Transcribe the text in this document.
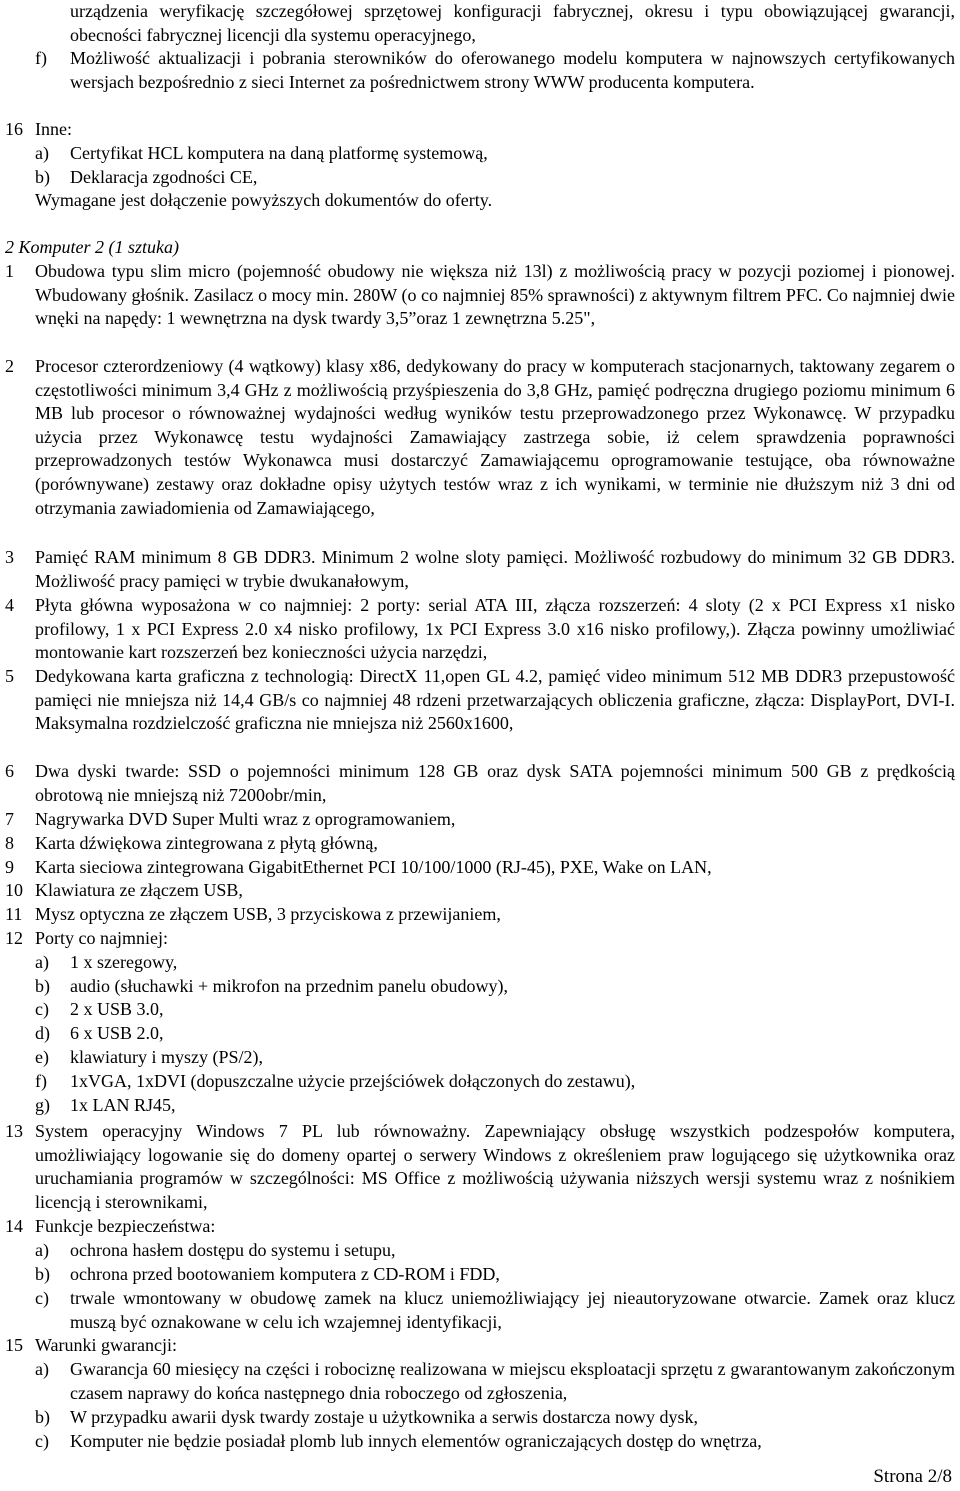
urządzenia weryfikację szczegółowej sprzętowej konfiguracji fabrycznej, okresu i typu obowiązującej gwarancji, obecności fabrycznej licencji dla systemu operacyjnego,
f) Możliwość aktualizacji i pobrania sterowników do oferowanego modelu komputera w najnowszych certyfikowanych wersjach bezpośrednio z sieci Internet za pośrednictwem strony WWW producenta komputera.
16 Inne:
a) Certyfikat HCL komputera na daną platformę systemową,
b) Deklaracja zgodności CE,
Wymagane jest dołączenie powyższych dokumentów do oferty.
2 Komputer 2 (1 sztuka)
1 Obudowa typu slim micro (pojemność obudowy nie większa niż 13l) z możliwością pracy w pozycji poziomej i pionowej. Wbudowany głośnik. Zasilacz o mocy min. 280W (o co najmniej 85% sprawności) z aktywnym filtrem PFC. Co najmniej dwie wnęki na napędy: 1 wewnętrzna na dysk twardy 3,5”oraz 1 zewnętrzna 5.25",
2 Procesor czterordzeniowy (4 wątkowy) klasy x86, dedykowany do pracy w komputerach stacjonarnych, taktowany zegarem o częstotliwości minimum 3,4 GHz z możliwością przyśpieszenia do 3,8 GHz, pamięć podręczna drugiego poziomu minimum 6 MB lub procesor o równoważnej wydajności według wyników testu przeprowadzonego przez Wykonawcę. W przypadku użycia przez Wykonawcę testu wydajności Zamawiający zastrzega sobie, iż celem sprawdzenia poprawności przeprowadzonych testów Wykonawca musi dostarczyć Zamawiającemu oprogramowanie testujące, oba równoważne (porównywane) zestawy oraz dokładne opisy użytych testów wraz z ich wynikami, w terminie nie dłuższym niż 3 dni od otrzymania zawiadomienia od Zamawiającego,
3 Pamięć RAM minimum 8 GB DDR3. Minimum 2 wolne sloty pamięci. Możliwość rozbudowy do minimum 32 GB DDR3. Możliwość pracy pamięci w trybie dwukanałowym,
4 Płyta główna wyposażona w co najmniej: 2 porty: serial ATA III, złącza rozszerzeń: 4 sloty (2 x PCI Express x1 nisko profilowy, 1 x PCI Express 2.0 x4 nisko profilowy, 1x PCI Express 3.0 x16 nisko profilowy,). Złącza powinny umożliwiać montowanie kart rozszerzeń bez konieczności użycia narzędzi,
5 Dedykowana karta graficzna z technologią: DirectX 11,open GL 4.2, pamięć video minimum 512 MB DDR3 przepustowość pamięci nie mniejsza niż 14,4 GB/s co najmniej 48 rdzeni przetwarzających obliczenia graficzne, złącza: DisplayPort, DVI-I. Maksymalna rozdzielczość graficzna nie mniejsza niż 2560x1600,
6 Dwa dyski twarde: SSD o pojemności minimum 128 GB oraz dysk SATA pojemności minimum 500 GB z prędkością obrotową nie mniejszą niż 7200obr/min,
7 Nagrywarka DVD Super Multi wraz z oprogramowaniem,
8 Karta dźwiękowa zintegrowana z płytą główną,
9 Karta sieciowa zintegrowana GigabitEthernet PCI 10/100/1000 (RJ-45), PXE, Wake on LAN,
10 Klawiatura ze złączem USB,
11 Mysz optyczna ze złączem USB, 3 przyciskowa z przewijaniem,
12 Porty co najmniej:
a) 1 x szeregowy,
b) audio (słuchawki + mikrofon na przednim panelu obudowy),
c) 2 x USB 3.0,
d) 6 x USB 2.0,
e) klawiatury i myszy (PS/2),
f) 1xVGA, 1xDVI (dopuszczalne użycie przejściówek dołączonych do zestawu),
g) 1x LAN RJ45,
13 System operacyjny Windows 7 PL lub równoważny. Zapewniający obsługę wszystkich podzespołów komputera, umożliwiający logowanie się do domeny opartej o serwery Windows z określeniem praw logującego się użytkownika oraz uruchamiania programów w szczególności: MS Office z możliwością używania niższych wersji systemu wraz z nośnikiem licencją i sterownikami,
14 Funkcje bezpieczeństwa:
a) ochrona hasłem dostępu do systemu i setupu,
b) ochrona przed bootowaniem komputera z CD-ROM i FDD,
c) trwale wmontowany w obudowę zamek na klucz uniemożliwiający jej nieautoryzowane otwarcie. Zamek oraz klucz muszą być oznakowane w celu ich wzajemnej identyfikacji,
15 Warunki gwarancji:
a) Gwarancja 60 miesięcy na części i robociznę realizowana w miejscu eksploatacji sprzętu z gwarantowanym zakończonym czasem naprawy do końca następnego dnia roboczego od zgłoszenia,
b) W przypadku awarii dysk twardy zostaje u użytkownika a serwis dostarcza nowy dysk,
c) Komputer nie będzie posiadał plomb lub innych elementów ograniczających dostęp do wnętrza,
Strona 2/8
